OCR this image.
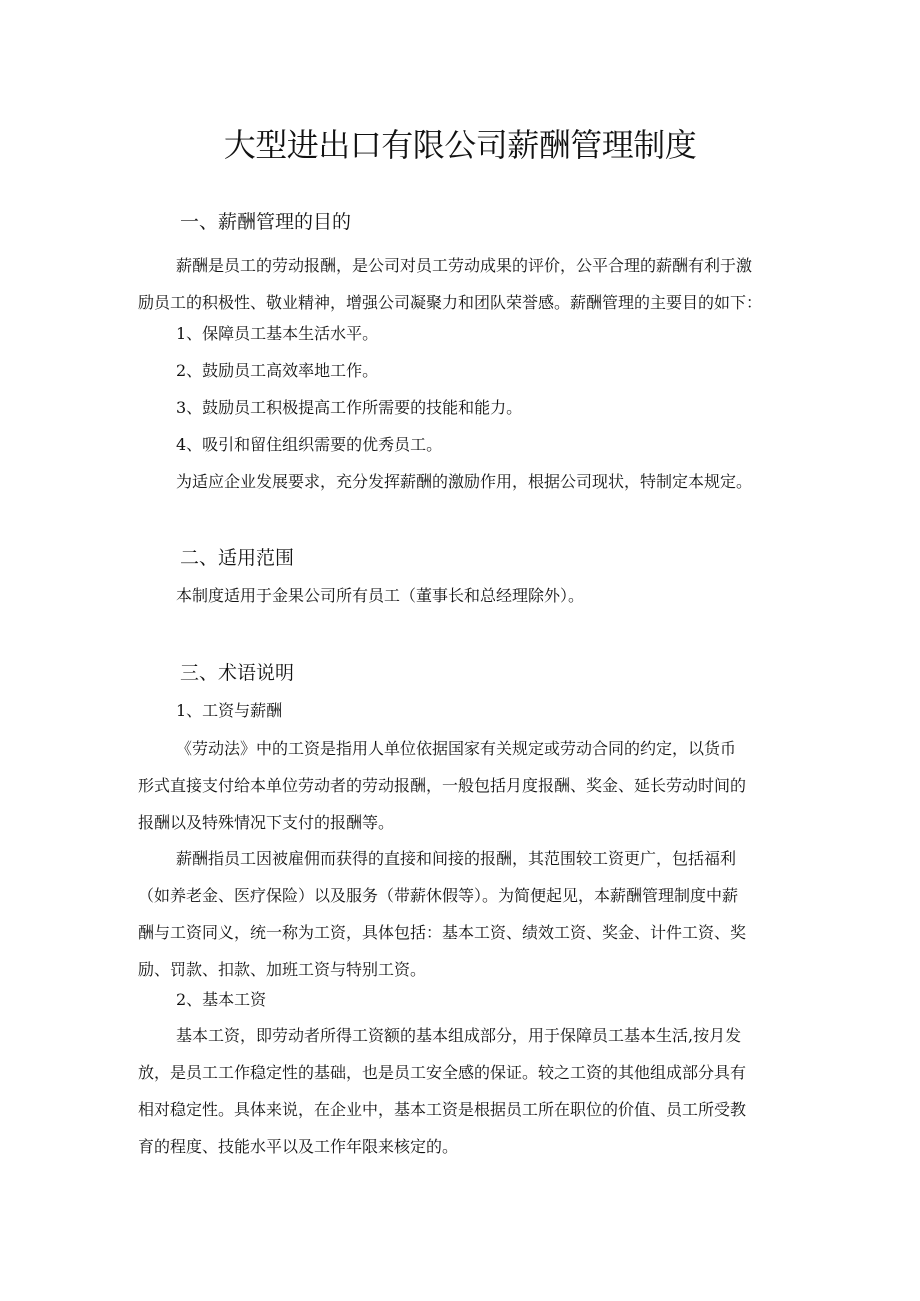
大型进出口有限公司薪酬管理制度
一、薪酬管理的目的
薪酬是员工的劳动报酬，是公司对员工劳动成果的评价，公平合理的薪酬有利于激
励员工的积极性、敬业精神，增强公司凝聚力和团队荣誉感。薪酬管理的主要目的如下：

1、保障员工基本生活水平。

2、鼓励员工高效率地工作。

3、鼓励员工积极提高工作所需要的技能和能力。

4、吸引和留住组织需要的优秀员工。

为适应企业发展要求，充分发挥薪酬的激励作用，根据公司现状，特制定本规定。

二、适用范围

本制度适用于金果公司所有员工（董事长和总经理除外）。

三、术语说明

1、工资与薪酬

《劳动法》中的工资是指用人单位依据国家有关规定或劳动合同的约定，以货币
形式直接支付给本单位劳动者的劳动报酬，一般包括月度报酬、奖金、延长劳动时间的
报酬以及特殊情况下支付的报酬等。
薪酬指员工因被雇佣而获得的直接和间接的报酬，其范围较工资更广，包括福利
（如养老金、医疗保险）以及服务（带薪休假等）。为简便起见，本薪酬管理制度中薪
酬与工资同义，统一称为工资，具体包括：基本工资、绩效工资、奖金、计件工资、奖
励、罚款、扣款、加班工资与特别工资。

2、基本工资

基本工资，即劳动者所得工资额的基本组成部分，用于保障员工基本生活,按月发
放，是员工工作稳定性的基础，也是员工安全感的保证。较之工资的其他组成部分具有
相对稳定性。具体来说，在企业中，基本工资是根据员工所在职位的价值、员工所受教
育的程度、技能水平以及工作年限来核定的。
